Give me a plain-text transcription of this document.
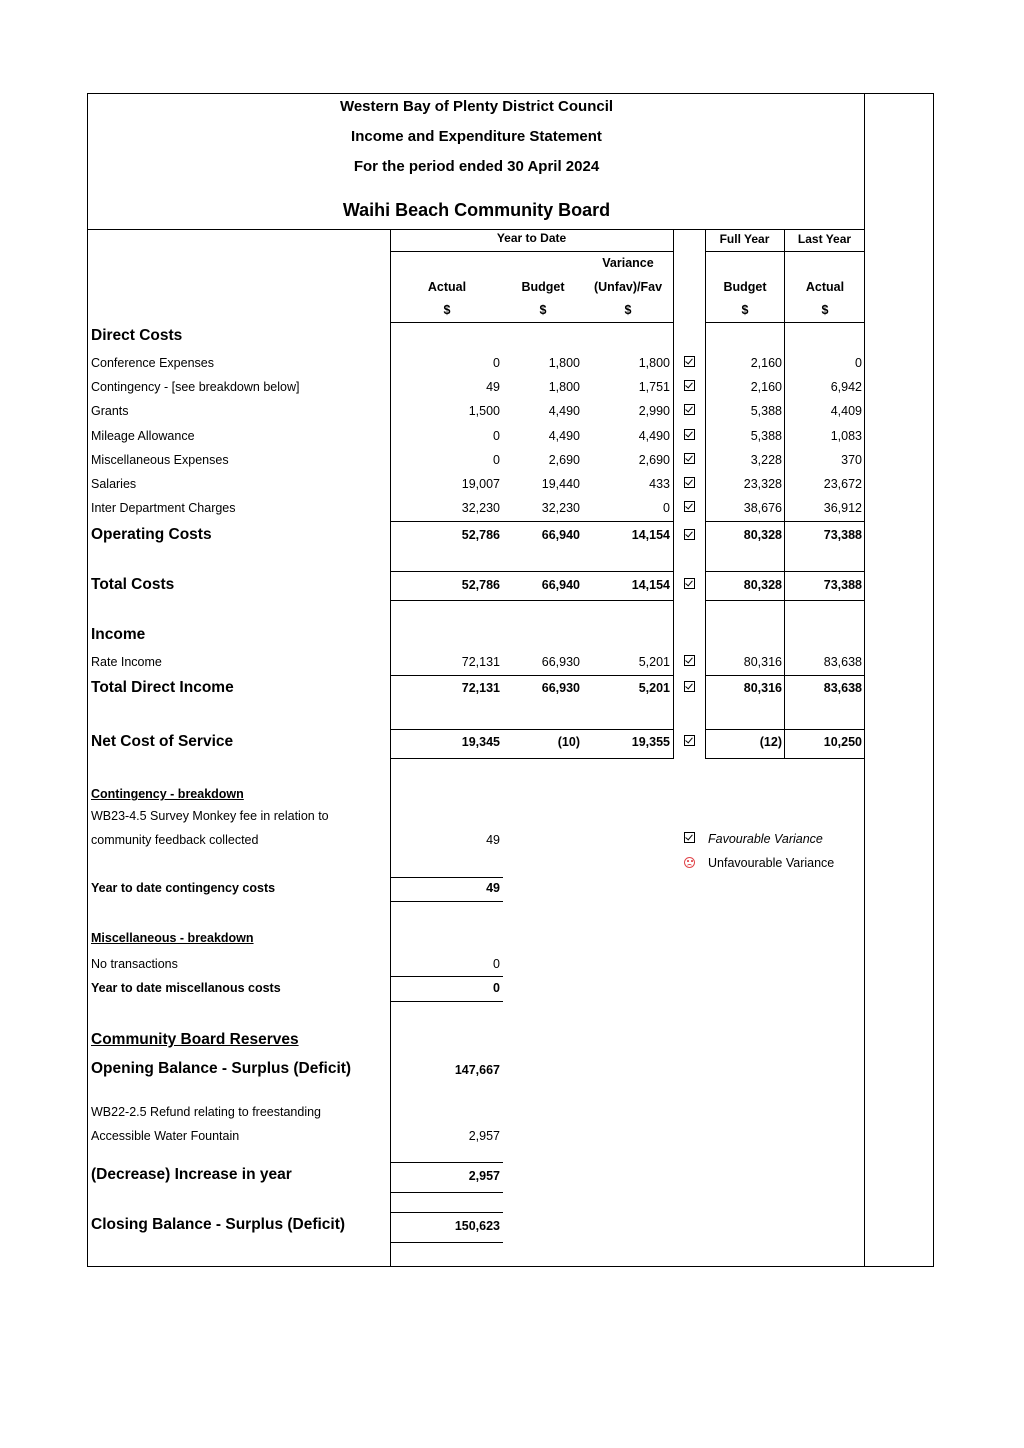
Western Bay of Plenty District Council
Income and Expenditure Statement
For the period ended 30 April 2024
Waihi Beach Community Board
Year to Date	Full Year	Last Year
Variance
Actual	Budget	(Unfav)/Fav	Budget	Actual
$	$	$	$	$
Direct Costs
Conference Expenses	0	1,800	1,800	2,160	0
Contingency - [see breakdown below]	49	1,800	1,751	2,160	6,942
Grants	1,500	4,490	2,990	5,388	4,409
Mileage Allowance	0	4,490	4,490	5,388	1,083
Miscellaneous Expenses	0	2,690	2,690	3,228	370
Salaries	19,007	19,440	433	23,328	23,672
Inter Department Charges	32,230	32,230	0	38,676	36,912
Operating Costs	52,786	66,940	14,154	80,328	73,388
Total Costs	52,786	66,940	14,154	80,328	73,388
Income
Rate Income	72,131	66,930	5,201	80,316	83,638
Total Direct Income	72,131	66,930	5,201	80,316	83,638
Net Cost of Service	19,345	(10)	19,355	(12)	10,250
Contingency - breakdown
WB23-4.5 Survey Monkey fee in relation to
community feedback collected	49
Year to date contingency costs	49
Favourable Variance
Unfavourable Variance
Miscellaneous - breakdown
No transactions	0
Year to date miscellanous costs	0
Community Board Reserves
Opening Balance - Surplus (Deficit)	147,667
WB22-2.5 Refund relating to freestanding
Accessible Water Fountain	2,957
(Decrease) Increase in year	2,957
Closing Balance - Surplus (Deficit)	150,623
